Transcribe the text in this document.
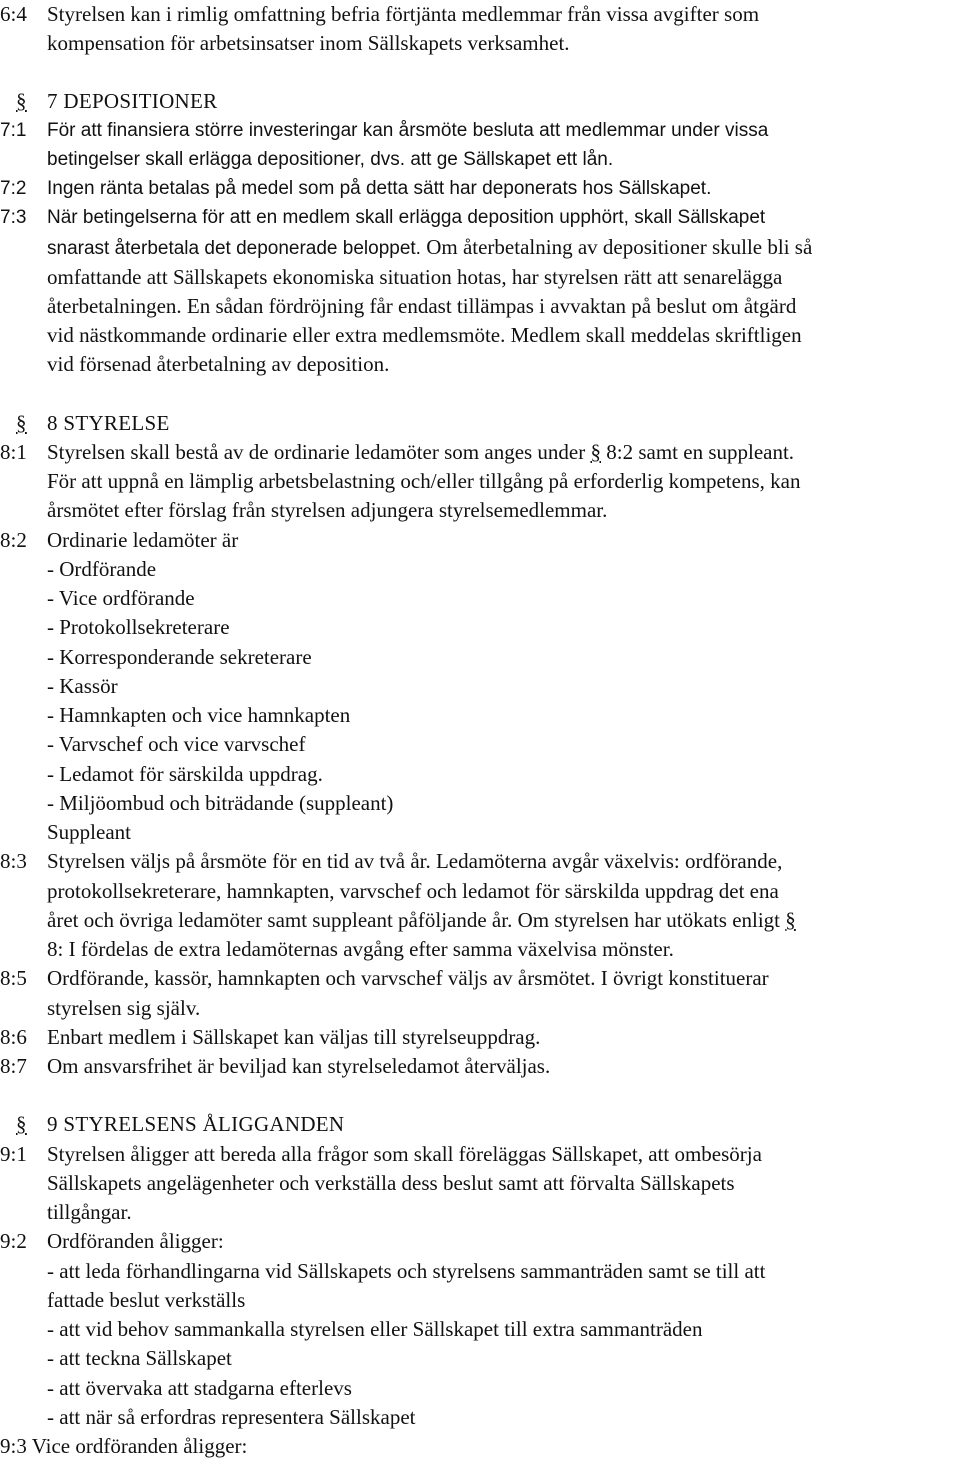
6:4 Styrelsen kan i rimlig omfattning befria förtjänta medlemmar från vissa avgifter som
kompensation för arbetsinsatser inom Sällskapets verksamhet.
§ 7 DEPOSITIONER
7:1 För att finansiera större investeringar kan årsmöte besluta att medlemmar under vissa
betingelser skall erlägga depositioner, dvs. att ge Sällskapet ett lån.
7:2 Ingen ränta betalas på medel som på detta sätt har deponerats hos Sällskapet.
7:3 När betingelserna för att en medlem skall erlägga deposition upphört, skall Sällskapet
snarast återbetala det deponerade beloppet. Om återbetalning av depositioner skulle bli så
omfattande att Sällskapets ekonomiska situation hotas, har styrelsen rätt att senarelägga
återbetalningen. En sådan fördröjning får endast tillämpas i avvaktan på beslut om åtgärd
vid nästkommande ordinarie eller extra medlemsmöte. Medlem skall meddelas skriftligen
vid försenad återbetalning av deposition.
§ 8 STYRELSE
8:1 Styrelsen skall bestå av de ordinarie ledamöter som anges under § 8:2 samt en suppleant.
För att uppnå en lämplig arbetsbelastning och/eller tillgång på erforderlig kompetens, kan
årsmötet efter förslag från styrelsen adjungera styrelsemedlemmar.
8:2 Ordinarie ledamöter är
- Ordförande
- Vice ordförande
- Protokollsekreterare
- Korresponderande sekreterare
- Kassör
- Hamnkapten och vice hamnkapten
- Varvschef och vice varvschef
- Ledamot för särskilda uppdrag.
- Miljöombud och biträdande (suppleant)
Suppleant
8:3 Styrelsen väljs på årsmöte för en tid av två år. Ledamöterna avgår växelvis: ordförande,
protokollsekreterare, hamnkapten, varvschef och ledamot för särskilda uppdrag det ena
året och övriga ledamöter samt suppleant påföljande år. Om styrelsen har utökats enligt §
8: I fördelas de extra ledamöternas avgång efter samma växelvisa mönster.
8:5 Ordförande, kassör, hamnkapten och varvschef väljs av årsmötet. I övrigt konstituerar
styrelsen sig själv.
8:6 Enbart medlem i Sällskapet kan väljas till styrelseuppdrag.
8:7 Om ansvarsfrihet är beviljad kan styrelseledamot återväljas.
§ 9 STYRELSENS ÅLIGGANDEN
9:1 Styrelsen åligger att bereda alla frågor som skall föreläggas Sällskapet, att ombesörja
Sällskapets angelägenheter och verkställa dess beslut samt att förvalta Sällskapets
tillgångar.
9:2 Ordföranden åligger:
- att leda förhandlingarna vid Sällskapets och styrelsens sammanträden samt se till att
fattade beslut verkställs
- att vid behov sammankalla styrelsen eller Sällskapet till extra sammanträden
- att teckna Sällskapet
- att övervaka att stadgarna efterlevs
- att när så erfordras representera Sällskapet
9:3 Vice ordföranden åligger:
